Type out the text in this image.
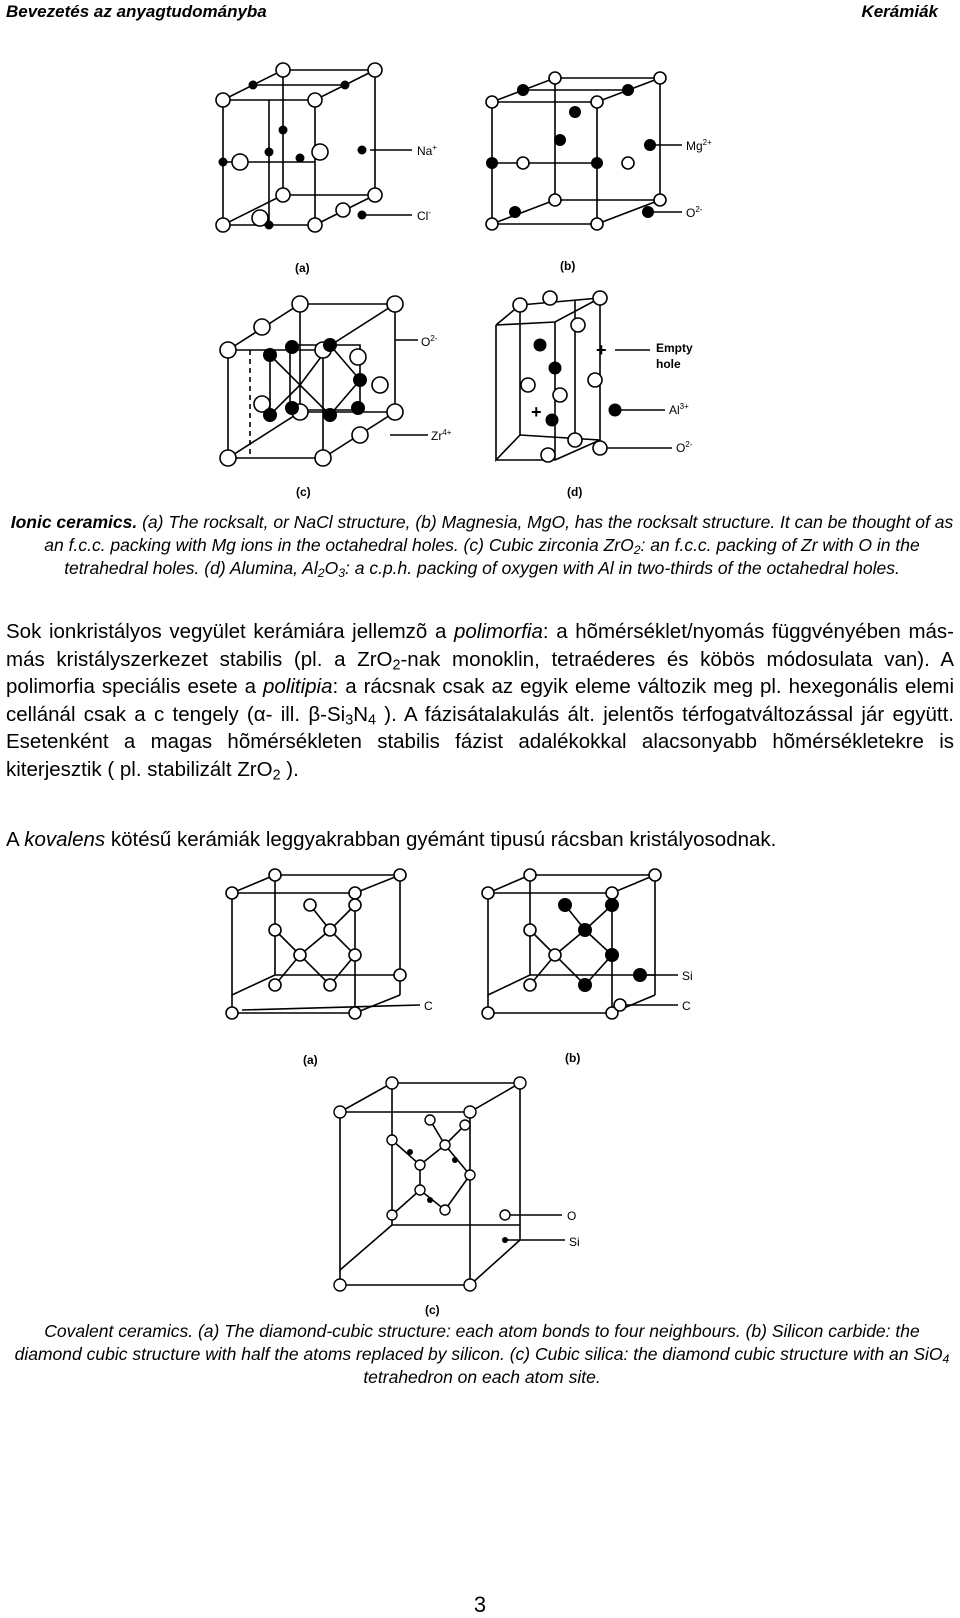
Bevezetés az anyagtudományba	Kerámiák
+
+
Na+
Cl-
$Mg^{2+}$
$O^{2-}$
$O^{2-}$
$Zr^{4+}$
Empty
hole
$Al^{3+}$
$O^{2-}$
(a)	(b)
(c)	(d)
Ionic ceramics. (a) The rocksalt, or NaCl structure, (b) Magnesia, MgO, has the rocksalt structure. It can be thought of as an f.c.c. packing with Mg ions in the octahedral holes. (c) Cubic zirconia ZrO$_2$: an f.c.c. packing of Zr with O in the tetrahedral holes. (d) Alumina, $Al_2O_3$: a c.p.h. packing of oxygen with Al in two-thirds of the octahedral holes.
Sok ionkristályos vegyület kerámiára jellemzõ a polimorfia: a hõmérséklet/nyomás függvényében más-más kristályszerkezet stabilis (pl. a ZrO$_2$-nak monoklin, tetraéderes és köbös módosulata van). A polimorfia speciális esete a politipia: a rácsnak csak az egyik eleme változik meg pl. hexegonális elemi cellánál csak a c tengely (α- ill. $\beta-Si_3N_4$ ). A fázisátalakulás ált. jelentõs térfogatváltozással jár együtt. Esetenként a magas hõmérsékleten stabilis fázist adalékokkal alacsonyabb hõmérsékletekre is kiterjesztik ( pl. stabilizált ZrO$_2$ ).
A kovalens kötésű kerámiák leggyakrabban gyémánt tipusú rácsban kristályosodnak.
C
Si
C
O
Si
(a)	(b)
(c)
Covalent ceramics. (a) The diamond-cubic structure: each atom bonds to four neighbours. (b) Silicon carbide: the diamond cubic structure with half the atoms replaced by silicon. (c) Cubic silica: the diamond cubic structure with an SiO$_4$ tetrahedron on each atom site.
3
